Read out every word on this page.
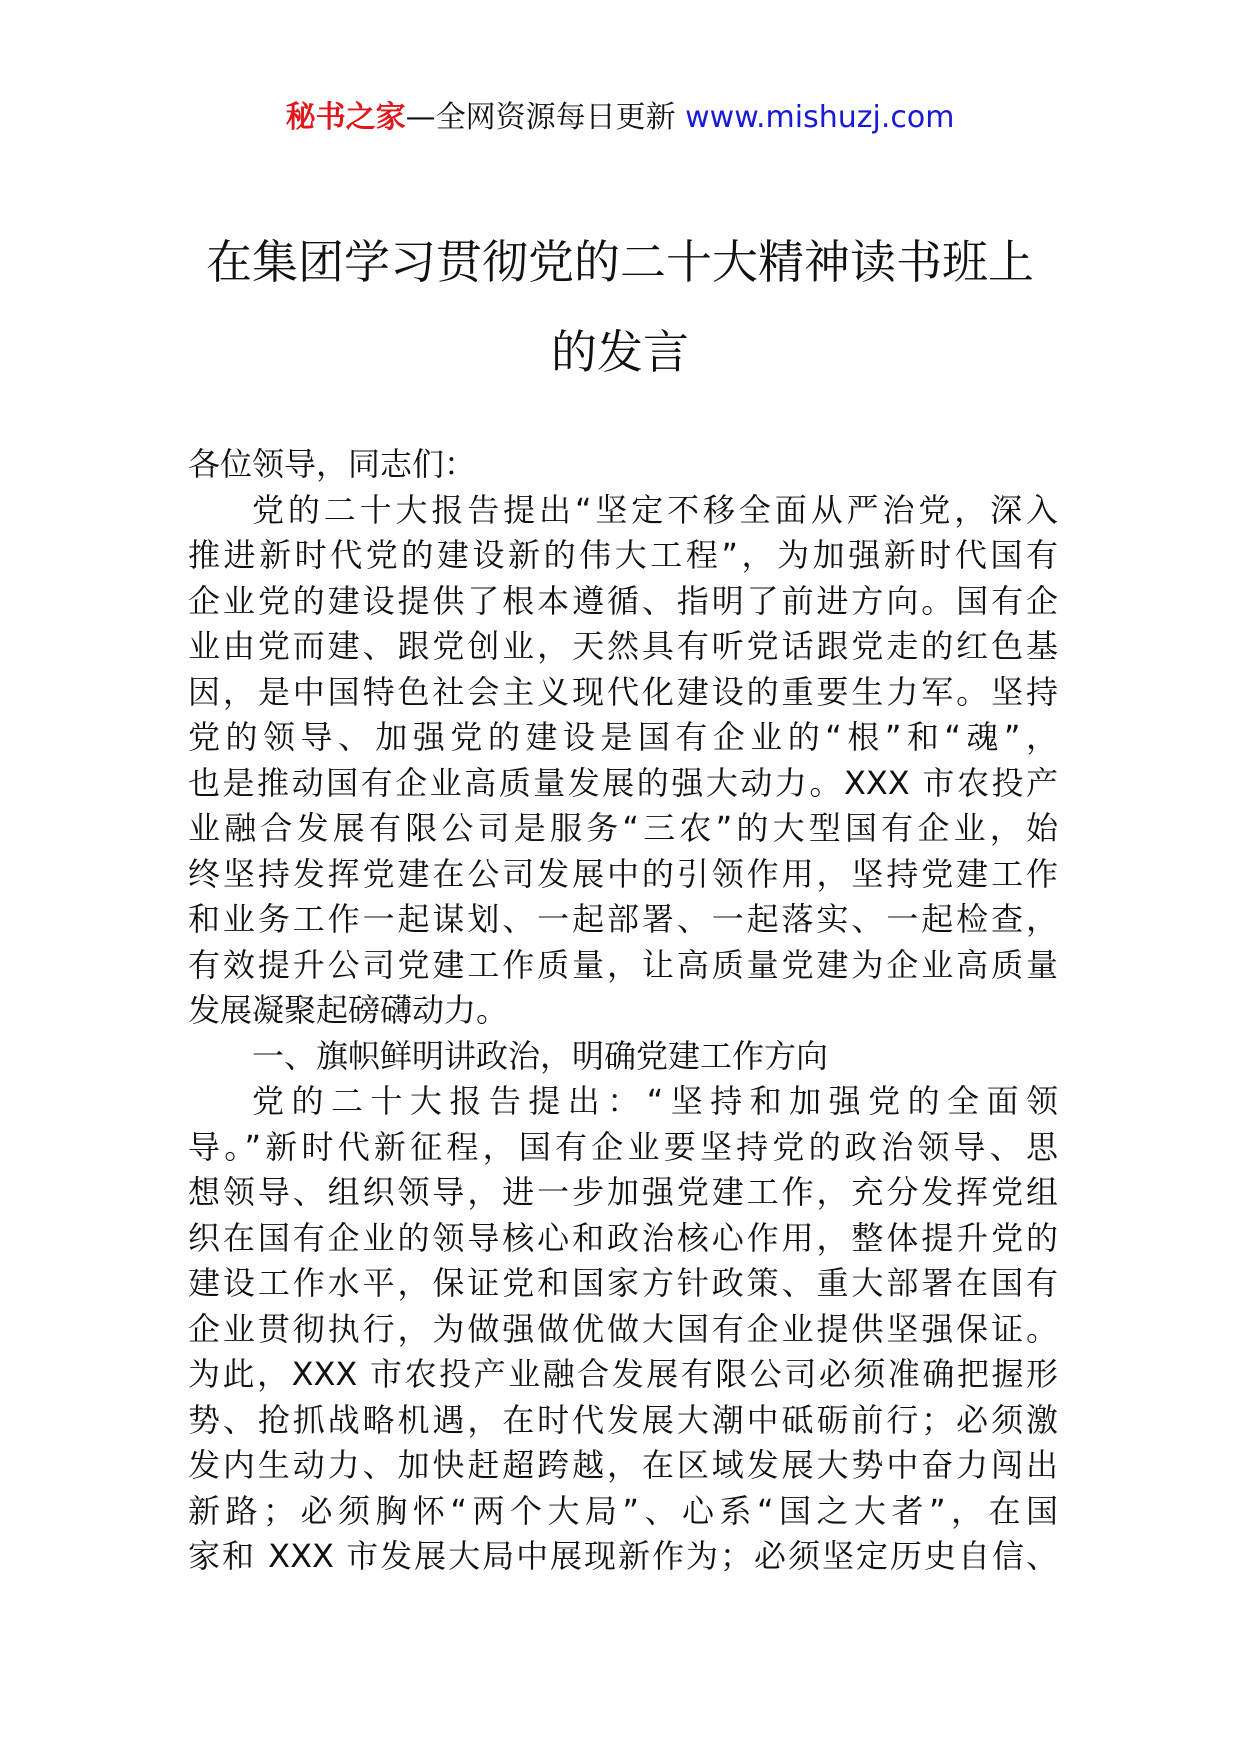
秘书之家—全网资源每日更新 www.mishuzj.com
在集团学习贯彻党的二十大精神读书班上
的发言
各位领导，同志们：
党的二十大报告提出“坚定不移全面从严治党，深入
推进新时代党的建设新的伟大工程”，为加强新时代国有
企业党的建设提供了根本遵循、指明了前进方向。国有企
业由党而建、跟党创业，天然具有听党话跟党走的红色基
因，是中国特色社会主义现代化建设的重要生力军。坚持
党的领导、加强党的建设是国有企业的“根”和“魂”，
也是推动国有企业高质量发展的强大动力。XXX 市农投产
业融合发展有限公司是服务“三农”的大型国有企业，始
终坚持发挥党建在公司发展中的引领作用，坚持党建工作
和业务工作一起谋划、一起部署、一起落实、一起检查，
有效提升公司党建工作质量，让高质量党建为企业高质量
发展凝聚起磅礴动力。
一、旗帜鲜明讲政治，明确党建工作方向
党的二十大报告提出：“坚持和加强党的全面领
导。”新时代新征程，国有企业要坚持党的政治领导、思
想领导、组织领导，进一步加强党建工作，充分发挥党组
织在国有企业的领导核心和政治核心作用，整体提升党的
建设工作水平，保证党和国家方针政策、重大部署在国有
企业贯彻执行，为做强做优做大国有企业提供坚强保证。
为此，XXX 市农投产业融合发展有限公司必须准确把握形
势、抢抓战略机遇，在时代发展大潮中砥砺前行；必须激
发内生动力、加快赶超跨越，在区域发展大势中奋力闯出
新路；必须胸怀“两个大局”、心系“国之大者”，在国
家和 XXX 市发展大局中展现新作为；必须坚定历史自信、
